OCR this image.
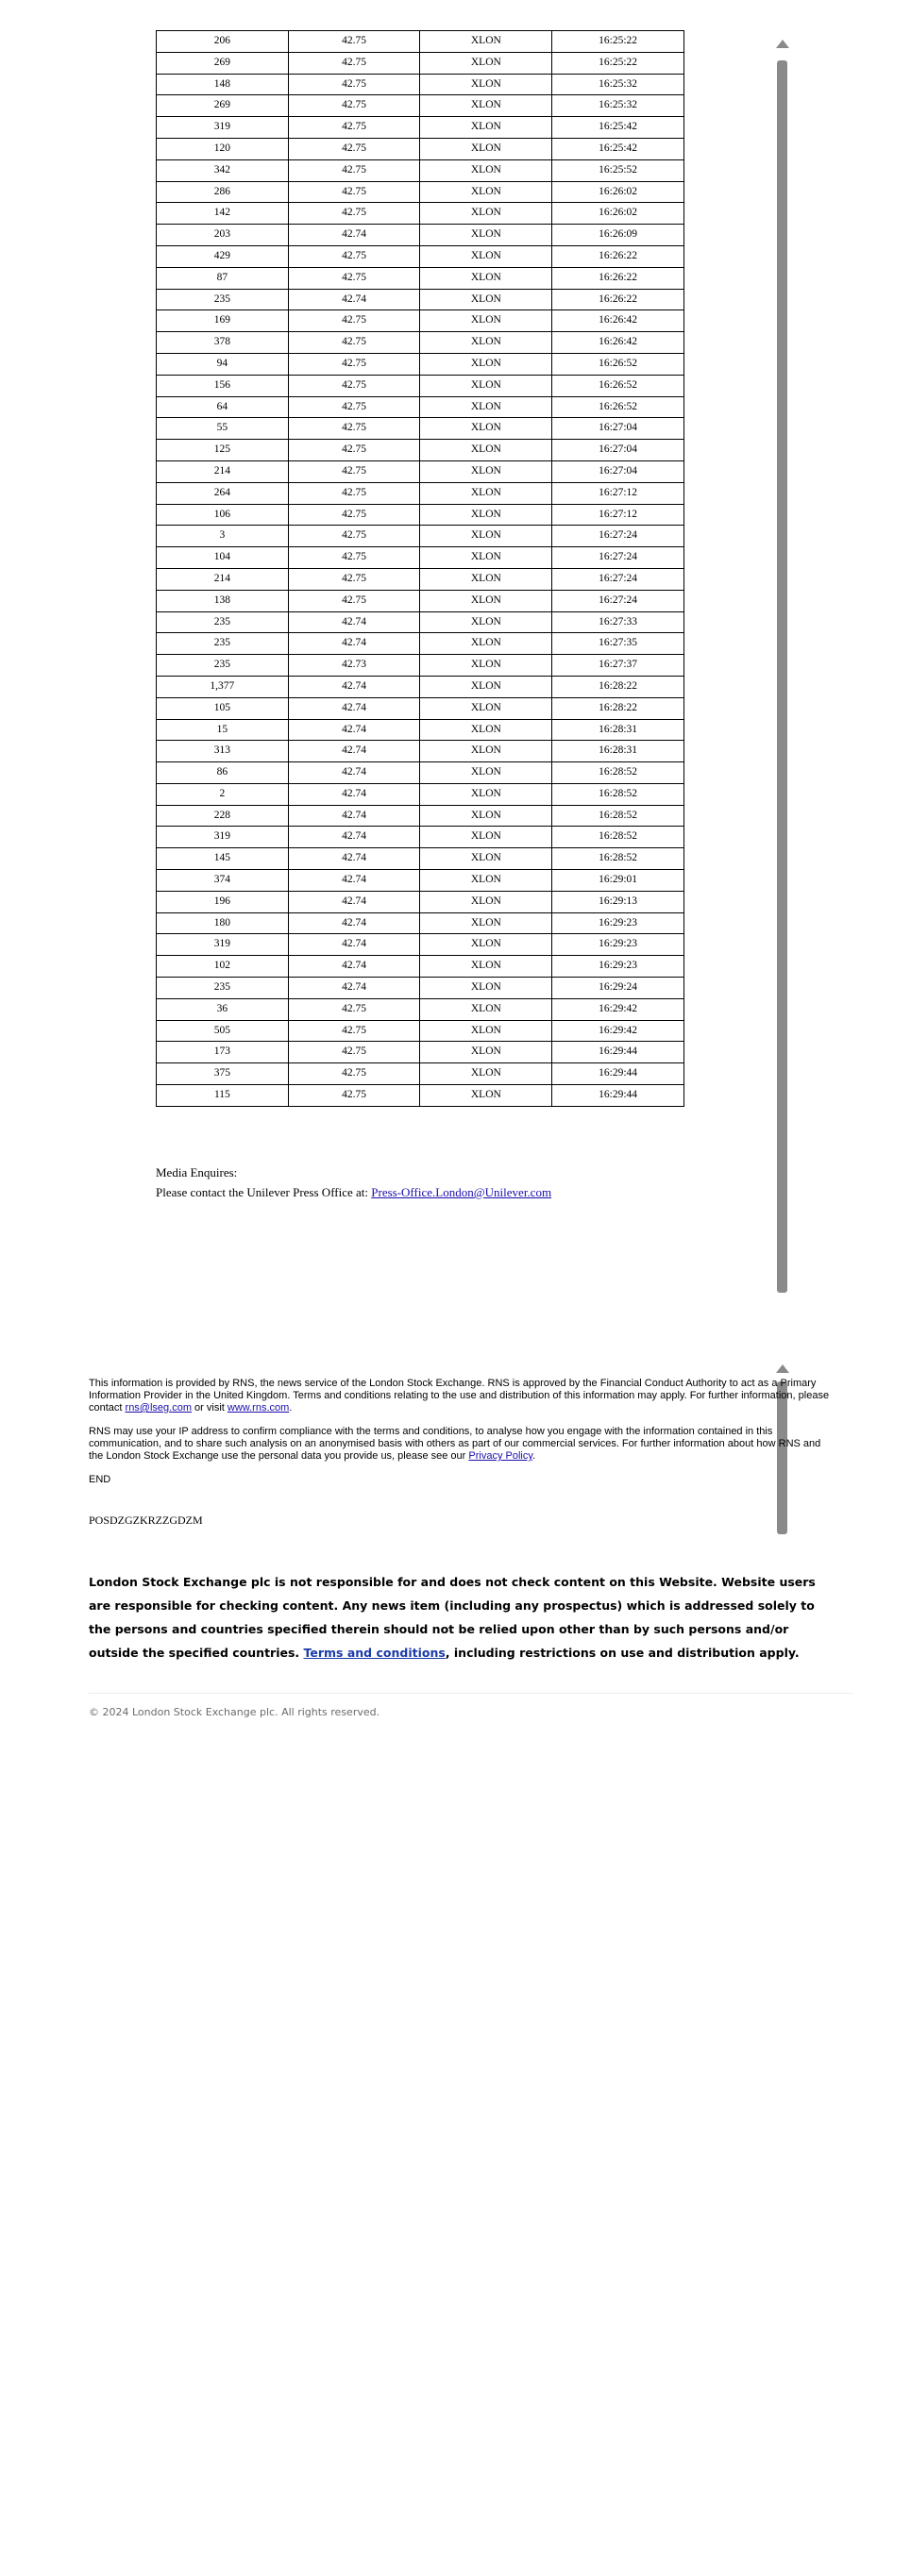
206	42.75	XLON	16:25:22
269	42.75	XLON	16:25:22
148	42.75	XLON	16:25:32
269	42.75	XLON	16:25:32
319	42.75	XLON	16:25:42
120	42.75	XLON	16:25:42
342	42.75	XLON	16:25:52
286	42.75	XLON	16:26:02
142	42.75	XLON	16:26:02
203	42.74	XLON	16:26:09
429	42.75	XLON	16:26:22
87	42.75	XLON	16:26:22
235	42.74	XLON	16:26:22
169	42.75	XLON	16:26:42
378	42.75	XLON	16:26:42
94	42.75	XLON	16:26:52
156	42.75	XLON	16:26:52
64	42.75	XLON	16:26:52
55	42.75	XLON	16:27:04
125	42.75	XLON	16:27:04
214	42.75	XLON	16:27:04
264	42.75	XLON	16:27:12
106	42.75	XLON	16:27:12
3	42.75	XLON	16:27:24
104	42.75	XLON	16:27:24
214	42.75	XLON	16:27:24
138	42.75	XLON	16:27:24
235	42.74	XLON	16:27:33
235	42.74	XLON	16:27:35
235	42.73	XLON	16:27:37
1,377	42.74	XLON	16:28:22
105	42.74	XLON	16:28:22
15	42.74	XLON	16:28:31
313	42.74	XLON	16:28:31
86	42.74	XLON	16:28:52
2	42.74	XLON	16:28:52
228	42.74	XLON	16:28:52
319	42.74	XLON	16:28:52
145	42.74	XLON	16:28:52
374	42.74	XLON	16:29:01
196	42.74	XLON	16:29:13
180	42.74	XLON	16:29:23
319	42.74	XLON	16:29:23
102	42.74	XLON	16:29:23
235	42.74	XLON	16:29:24
36	42.75	XLON	16:29:42
505	42.75	XLON	16:29:42
173	42.75	XLON	16:29:44
375	42.75	XLON	16:29:44
115	42.75	XLON	16:29:44
Media Enquires:
Please contact the Unilever Press Office at: Press-Office.London@Unilever.com

This information is provided by RNS, the news service of the London Stock Exchange. RNS is approved by the Financial Conduct Authority to act as a Primary Information Provider in the United Kingdom. Terms and conditions relating to the use and distribution of this information may apply. For further information, please contact rns@lseg.com or visit www.rns.com.

RNS may use your IP address to confirm compliance with the terms and conditions, to analyse how you engage with the information contained in this communication, and to share such analysis on an anonymised basis with others as part of our commercial services. For further information about how RNS and the London Stock Exchange use the personal data you provide us, please see our Privacy Policy.

END
POSDZGZKRZZGDZM
London Stock Exchange plc is not responsible for and does not check content on this Website. Website users are responsible for checking content. Any news item (including any prospectus) which is addressed solely to the persons and countries specified therein should not be relied upon other than by such persons and/or outside the specified countries. Terms and conditions, including restrictions on use and distribution apply.
© 2024 London Stock Exchange plc. All rights reserved.
